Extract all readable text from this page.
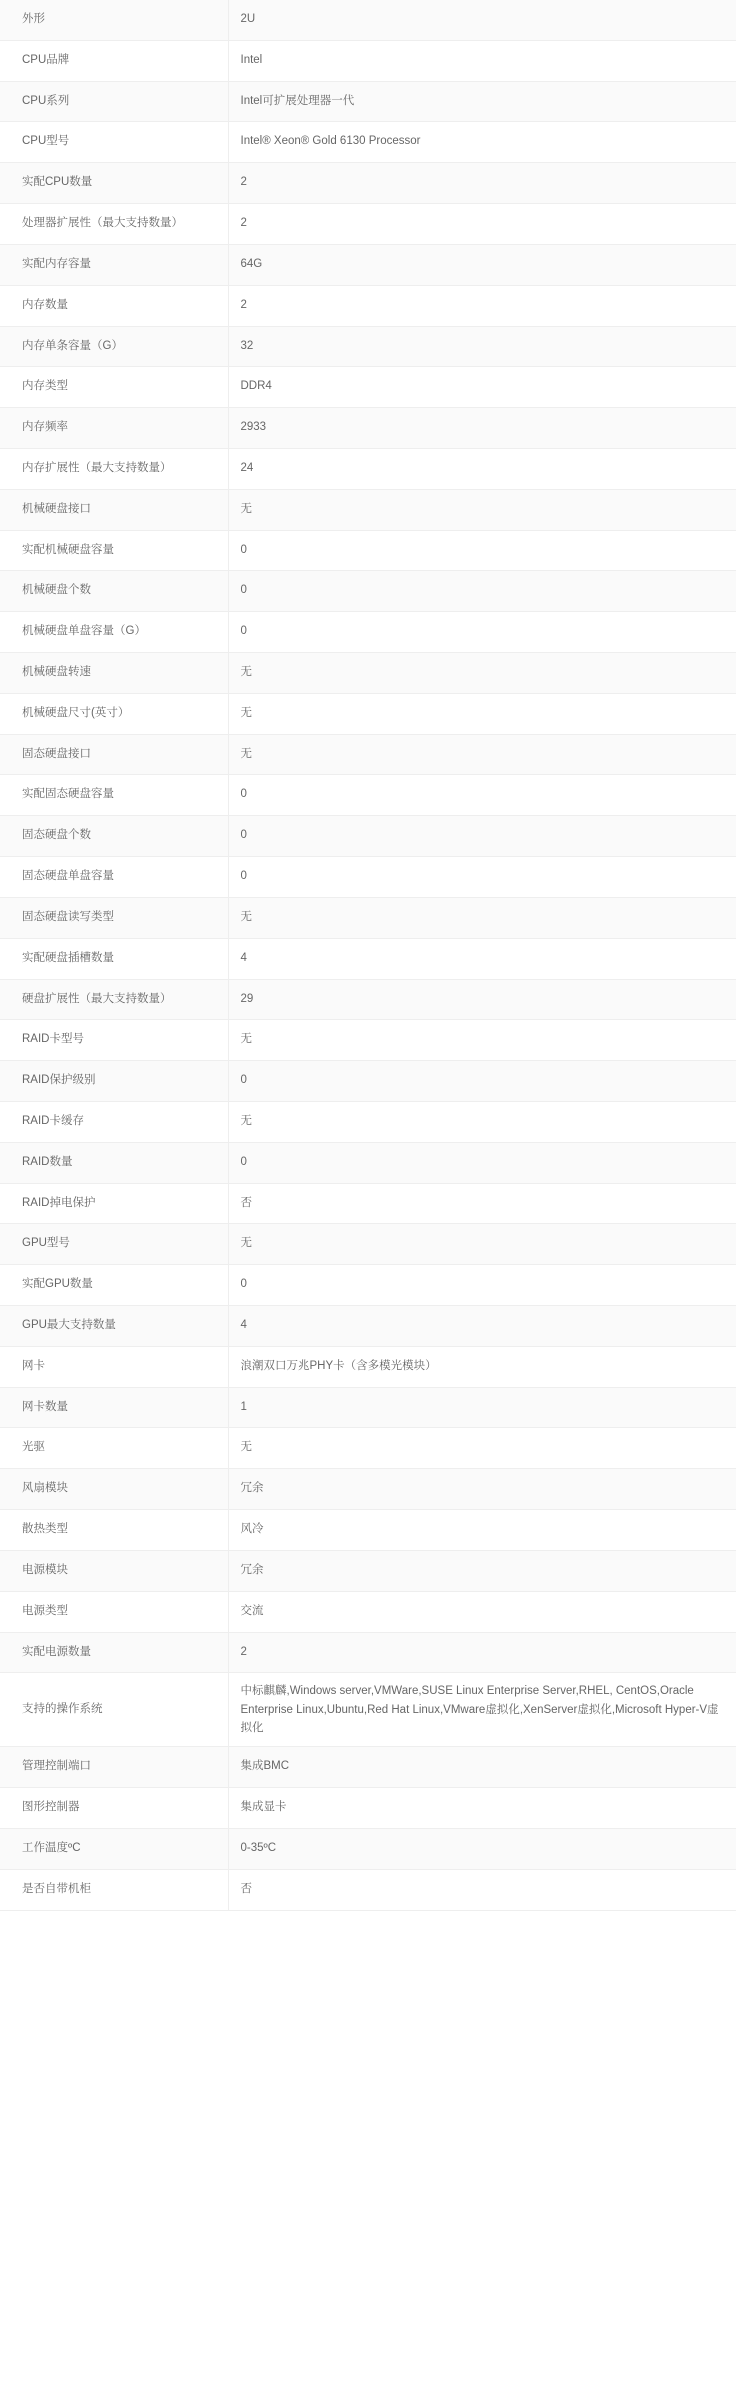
外形	2U
CPU品牌	Intel
CPU系列	Intel可扩展处理器一代
CPU型号	Intel® Xeon® Gold 6130 Processor
实配CPU数量	2
处理器扩展性（最大支持数量）	2
实配内存容量	64G
内存数量	2
内存单条容量（G）	32
内存类型	DDR4
内存频率	2933
内存扩展性（最大支持数量）	24
机械硬盘接口	无
实配机械硬盘容量	0
机械硬盘个数	0
机械硬盘单盘容量（G）	0
机械硬盘转速	无
机械硬盘尺寸(英寸）	无
固态硬盘接口	无
实配固态硬盘容量	0
固态硬盘个数	0
固态硬盘单盘容量	0
固态硬盘读写类型	无
实配硬盘插槽数量	4
硬盘扩展性（最大支持数量）	29
RAID卡型号	无
RAID保护级别	0
RAID卡缓存	无
RAID数量	0
RAID掉电保护	否
GPU型号	无
实配GPU数量	0
GPU最大支持数量	4
网卡	浪潮双口万兆PHY卡（含多模光模块）
网卡数量	1
光驱	无
风扇模块	冗余
散热类型	风冷
电源模块	冗余
电源类型	交流
实配电源数量	2
支持的操作系统	中标麒麟,Windows server,VMWare,SUSE Linux Enterprise Server,RHEL, CentOS,Oracle Enterprise Linux,Ubuntu,Red Hat Linux,VMware虚拟化,XenServer虚拟化,Microsoft Hyper-V虚拟化
管理控制端口	集成BMC
图形控制器	集成显卡
工作温度ºC	0-35ºC
是否自带机柜	否
